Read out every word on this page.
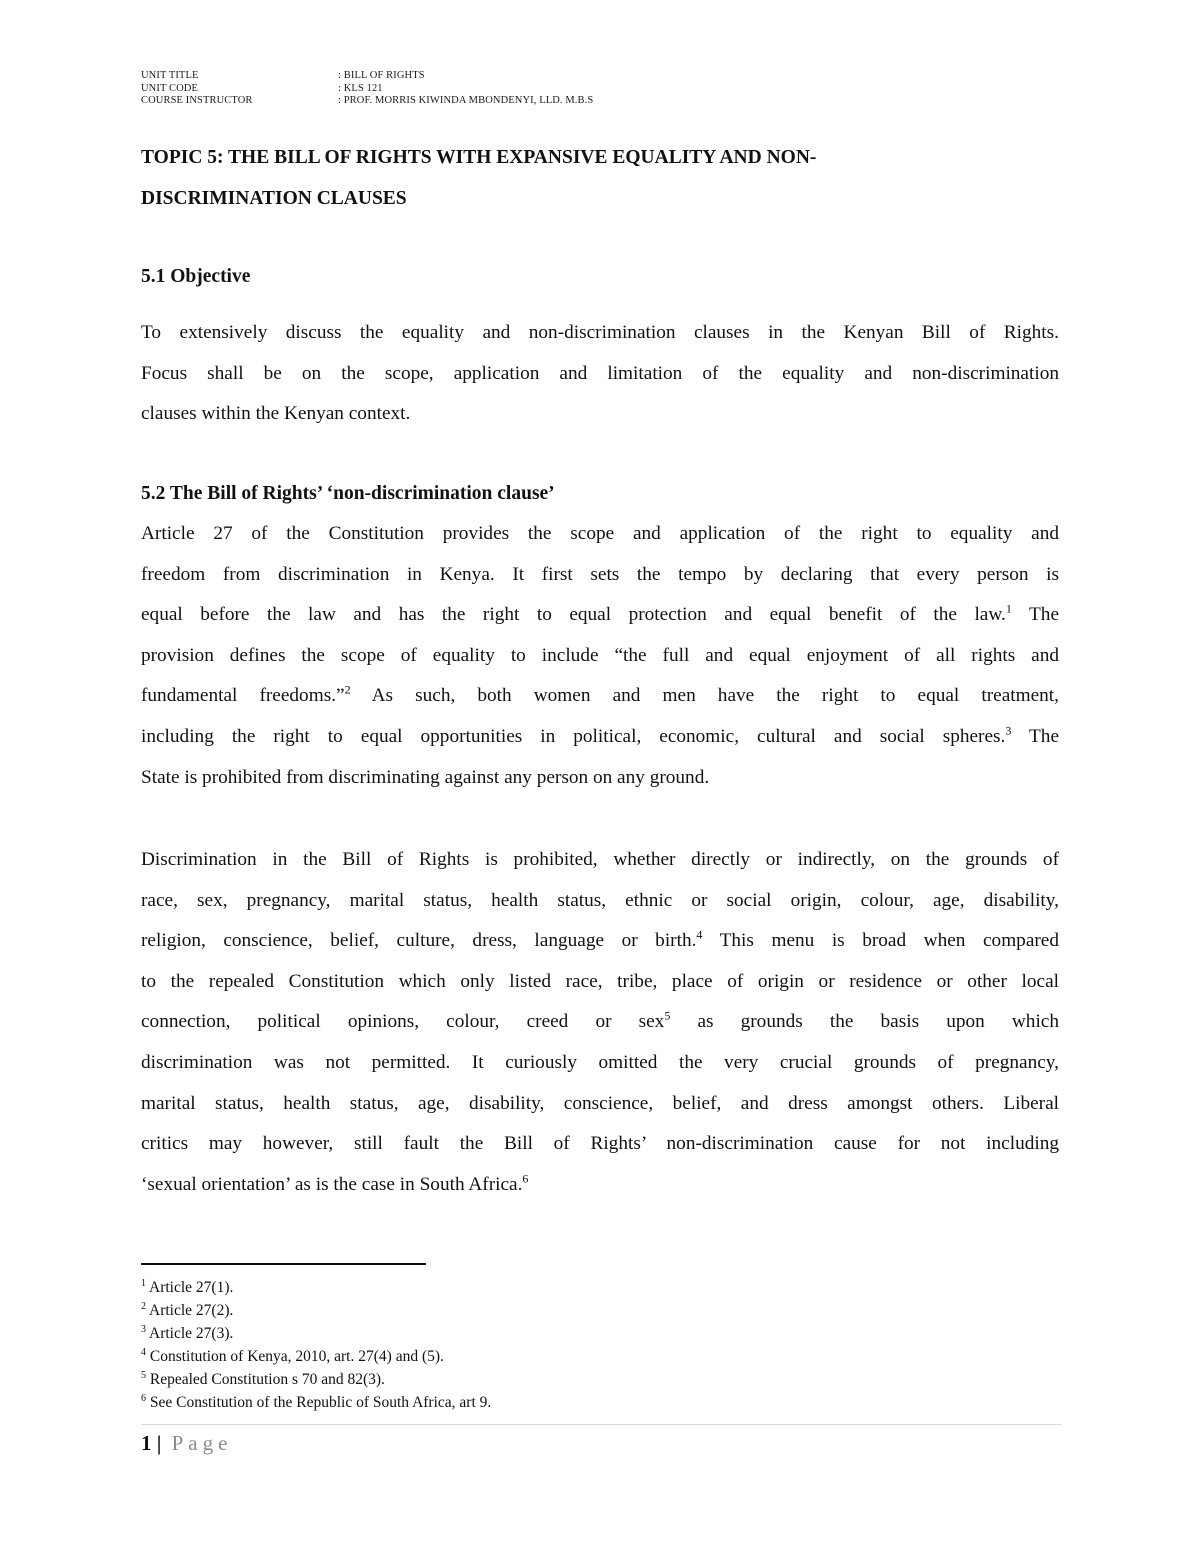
UNIT TITLE	: BILL OF RIGHTS
UNIT CODE	: KLS 121
COURSE INSTRUCTOR	: PROF. MORRIS KIWINDA MBONDENYI, LLD. M.B.S
TOPIC 5: THE BILL OF RIGHTS WITH EXPANSIVE EQUALITY AND NON-
DISCRIMINATION CLAUSES
5.1 Objective
To extensively discuss the equality and non-discrimination clauses in the Kenyan Bill of Rights.
Focus shall be on the scope, application and limitation of the equality and non-discrimination
clauses within the Kenyan context.
5.2 The Bill of Rights’ ‘non-discrimination clause’
Article 27 of the Constitution provides the scope and application of the right to equality and
freedom from discrimination in Kenya. It first sets the tempo by declaring that every person is
equal before the law and has the right to equal protection and equal benefit of the law.$^1$ The
provision defines the scope of equality to include “the full and equal enjoyment of all rights and
fundamental freedoms.”$^2$ As such, both women and men have the right to equal treatment,
including the right to equal opportunities in political, economic, cultural and social spheres.$^3$ The
State is prohibited from discriminating against any person on any ground.
Discrimination in the Bill of Rights is prohibited, whether directly or indirectly, on the grounds of
race, sex, pregnancy, marital status, health status, ethnic or social origin, colour, age, disability,
religion, conscience, belief, culture, dress, language or birth.$^4$ This menu is broad when compared
to the repealed Constitution which only listed race, tribe, place of origin or residence or other local
connection, political opinions, colour, creed or sex$^5$ as grounds the basis upon which
discrimination was not permitted. It curiously omitted the very crucial grounds of pregnancy,
marital status, health status, age, disability, conscience, belief, and dress amongst others. Liberal
critics may however, still fault the Bill of Rights’ non-discrimination cause for not including
‘sexual orientation’ as is the case in South Africa.$^6$
$^1$ Article 27(1).
$^2$ Article 27(2).
$^3$ Article 27(3).
$^4$ Constitution of Kenya, 2010, art. 27(4) and (5).
$^5$ Repealed Constitution s 70 and 82(3).
$^6$ See Constitution of the Republic of South Africa, art 9.
1 | Page
